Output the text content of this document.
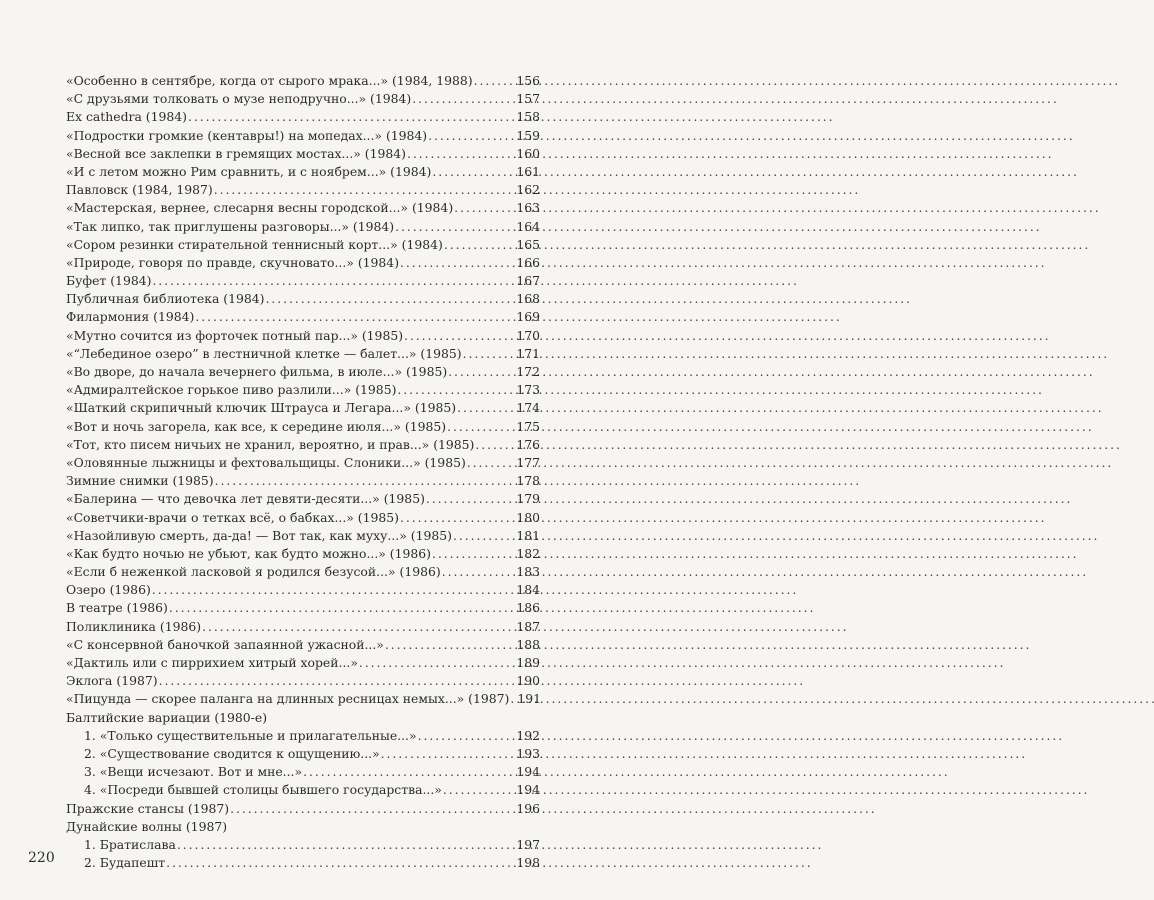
«Особенно в сентябре, когда от сырого мрака...» (1984, 1988) . . .	156
«С друзьями толковать о музе неподручно...» (1984) . . .	157
Ex cathedra (1984) . . .	158
«Подростки громкие (кентавры!) на мопедах...» (1984) . . .	159
«Весной все заклепки в гремящих мостах...» (1984) . . .	160
«И с летом можно Рим сравнить, и с ноябрем...» (1984) . . .	161
Павловск (1984, 1987) . . .	162
«Мастерская, вернее, слесарня весны городской...» (1984) . . .	163
«Так липко, так приглушены разговоры...» (1984) . . .	164
«Сором резинки стирательной теннисный корт...» (1984) . . .	165
«Природе, говоря по правде, скучновато...» (1984) . . .	166
Буфет (1984) . . .	167
Публичная библиотека (1984) . . .	168
Филармония (1984) . . .	169
«Мутно сочится из форточек потный пар...» (1985) . . .	170
«“Лебединое озеро” в лестничной клетке — балет...» (1985) . . .	171
«Во дворе, до начала вечернего фильма, в июле...» (1985) . . .	172
«Адмиралтейское горькое пиво разлили...» (1985) . . .	173
«Шаткий скрипичный ключик Штрауса и Легара...» (1985) . . .	174
«Вот и ночь загорела, как все, к середине июля...» (1985) . . .	175
«Тот, кто писем ничьих не хранил, вероятно, и прав...» (1985) . . .	176
«Оловянные лыжницы и фехтовальщицы. Слоники...» (1985) . . .	177
Зимние снимки (1985) . . .	178
«Балерина — что девочка лет девяти-десяти...» (1985) . . .	179
«Советчики-врачи о тетках всё, о бабках...» (1985) . . .	180
«Назойливую смерть, да-да! — Вот так, как муху...» (1985) . . .	181
«Как будто ночью не убьют, как будто можно...» (1986) . . .	182
«Если б неженкой ласковой я родился безусой...» (1986) . . .	183
Озеро (1986) . . .	184
В театре (1986) . . .	186
Поликлиника (1986) . . .	187
«С консервной баночкой запаянной ужасной...» . . .	188
«Дактиль или с пиррихием хитрый хорей...» . . .	189
Эклога (1987) . . .	190
«Пицунда — скорее паланга на длинных ресницах немых...» (1987) . . . 191
Балтийские вариации (1980-е)
1. «Только существительные и прилагательные...» . . .	192
2. «Существование сводится к ощущению...» . . .	193
3. «Вещи исчезают. Вот и мне...» . . .	194
4. «Посреди бывшей столицы бывшего государства...» . . .	194
Пражские стансы (1987) . . .	196
Дунайские волны (1987)
1. Братислава . . .	197
2. Будапешт . . .	198
220
